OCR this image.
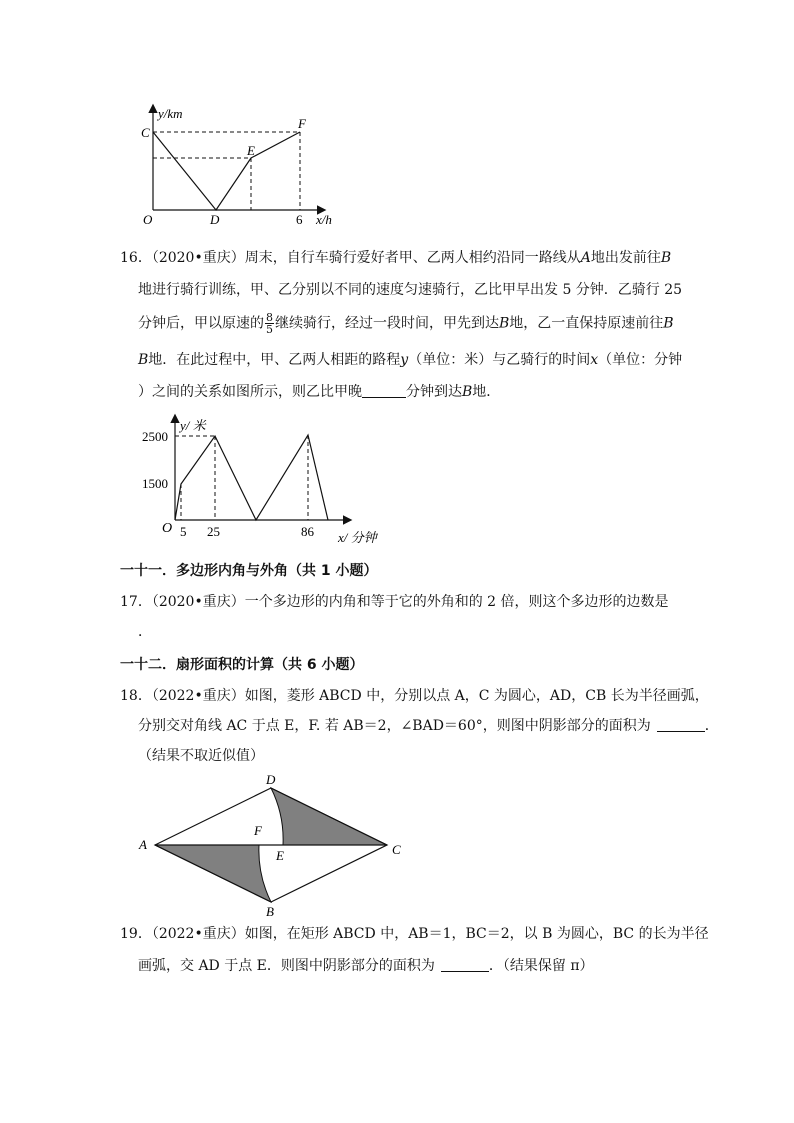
y/km
C
E
F
O	D	6 x/h
16．（2020•重庆）周末，自行车骑行爱好者甲、乙两人相约沿同一路线从A地出发前往B
地进行骑行训练，甲、乙分别以不同的速度匀速骑行，乙比甲早出发 5 分钟．乙骑行 25
分钟后，甲以原速的 $\frac{8}{5}$ 继续骑行，经过一段时间，甲先到达B地，乙一直保持原速前往B
B地．在此过程中，甲、乙两人相距的路程y（单位：米）与乙骑行的时间x（单位：分钟
）之间的关系如图所示，则乙比甲晚	分钟到达B地．
y/ 米
2500
1500
O 5 25	86 x/ 分钟
一十一．多边形内角与外角（共 1 小题）
17．（2020•重庆）一个多边形的内角和等于它的外角和的 2 倍，则这个多边形的边数是
．
一十二．扇形面积的计算（共 6 小题）
18．（2022•重庆）如图，菱形 ABCD 中，分别以点 A，C 为圆心，AD，CB 长为半径画弧，
分别交对角线 AC 于点 E，F. 若 AB＝2，∠BAD＝60°，则图中阴影部分的面积为	．
（结果不取近似值）
A
B
C
D
E
F
19．（2022•重庆）如图，在矩形 ABCD 中，AB＝1，BC＝2，以 B 为圆心，BC 的长为半径
画弧，交 AD 于点 E．则图中阴影部分的面积为	．（结果保留 π）
